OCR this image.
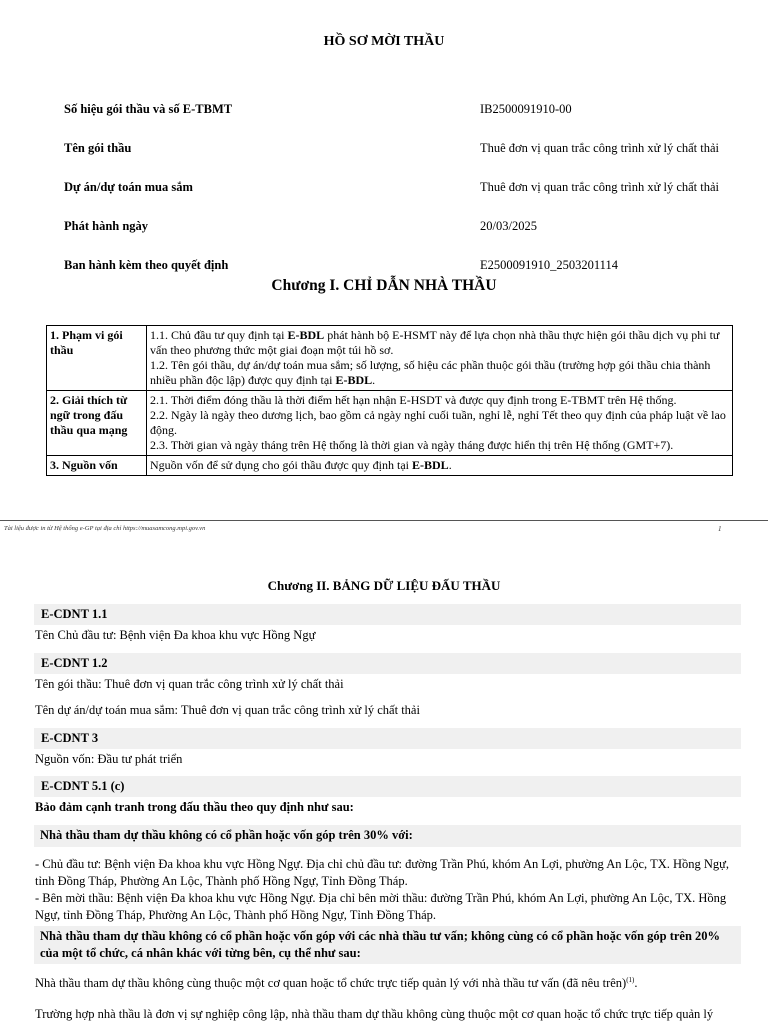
HỒ SƠ MỜI THẦU
Số hiệu gói thầu và số E-TBMT	IB2500091910-00
Tên gói thầu	Thuê đơn vị quan trắc công trình xử lý chất thải
Dự án/dự toán mua sắm	Thuê đơn vị quan trắc công trình xử lý chất thải
Phát hành ngày	20/03/2025
Ban hành kèm theo quyết định	E2500091910_2503201114
Chương I. CHỈ DẪN NHÀ THẦU
1. Phạm vi gói thầu	1.1. Chủ đầu tư quy định tại E-BDL phát hành bộ E-HSMT này để lựa chọn nhà thầu thực hiện gói thầu dịch vụ phi tư vấn theo phương thức một giai đoạn một túi hồ sơ.
1.2. Tên gói thầu, dự án/dự toán mua sắm; số lượng, số hiệu các phần thuộc gói thầu (trường hợp gói thầu chia thành nhiều phần độc lập) được quy định tại E-BDL.

2. Giải thích từ ngữ trong đấu thầu qua mạng	2.1. Thời điểm đóng thầu là thời điểm hết hạn nhận E-HSDT và được quy định trong E-TBMT trên Hệ thống.
2.2. Ngày là ngày theo dương lịch, bao gồm cả ngày nghỉ cuối tuần, nghỉ lễ, nghỉ Tết theo quy định của pháp luật về lao động.
2.3. Thời gian và ngày tháng trên Hệ thống là thời gian và ngày tháng được hiển thị trên Hệ thống (GMT+7).

3. Nguồn vốn	Nguồn vốn để sử dụng cho gói thầu được quy định tại E-BDL.
Tài liệu được in từ Hệ thống e-GP tại địa chỉ https://muasamcong.mpi.gov.vn	1
Chương II. BẢNG DỮ LIỆU ĐẤU THẦU
E-CDNT 1.1
Tên Chủ đầu tư: Bệnh viện Đa khoa khu vực Hồng Ngự
E-CDNT 1.2
Tên gói thầu: Thuê đơn vị quan trắc công trình xử lý chất thải
Tên dự án/dự toán mua sắm: Thuê đơn vị quan trắc công trình xử lý chất thải
E-CDNT 3
Nguồn vốn: Đầu tư phát triển
E-CDNT 5.1 (c)
Bảo đảm cạnh tranh trong đấu thầu theo quy định như sau:
Nhà thầu tham dự thầu không có cổ phần hoặc vốn góp trên 30% với:
- Chủ đầu tư: Bệnh viện Đa khoa khu vực Hồng Ngự. Địa chỉ chủ đầu tư: đường Trần Phú, khóm An Lợi, phường An Lộc, TX. Hồng Ngự, tỉnh Đồng Tháp, Phường An Lộc, Thành phố Hồng Ngự, Tỉnh Đồng Tháp.
- Bên mời thầu: Bệnh viện Đa khoa khu vực Hồng Ngự. Địa chỉ bên mời thầu: đường Trần Phú, khóm An Lợi, phường An Lộc, TX. Hồng Ngự, tỉnh Đồng Tháp, Phường An Lộc, Thành phố Hồng Ngự, Tỉnh Đồng Tháp.
Nhà thầu tham dự thầu không có cổ phần hoặc vốn góp với các nhà thầu tư vấn; không cùng có cổ phần hoặc vốn góp trên 20% của một tổ chức, cá nhân khác với từng bên, cụ thể như sau:
Nhà thầu tham dự thầu không cùng thuộc một cơ quan hoặc tổ chức trực tiếp quản lý với nhà thầu tư vấn (đã nêu trên)$^{(1)}$.
Trường hợp nhà thầu là đơn vị sự nghiệp công lập, nhà thầu tham dự thầu không cùng thuộc một cơ quan hoặc tổ chức trực tiếp quản lý
